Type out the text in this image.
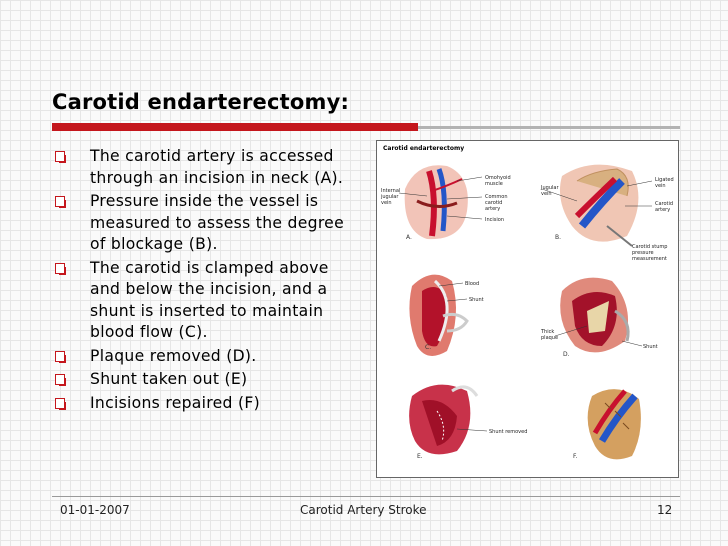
Carotid endarterectomy:
The carotid artery is accessed through an incision in neck (A).
Pressure inside the vessel is measured to assess the degree of blockage (B).
The carotid is clamped above and below the incision, and a shunt is inserted to maintain blood flow (C).
Plaque removed (D).
Shunt taken out (E)
Incisions repaired (F)
Carotid endarterectomy
A.
Internal jugular vein
Omohyoid muscle
Common carotid artery
Incision
B.
Jugular vein
Ligated vein
Carotid artery
Carotid stump pressure measurement
C.
Blood
Shunt
D.
Thick plaque
Shunt
E.
Shunt removed
F.
01-01-2007	Carotid Artery Stroke	12
